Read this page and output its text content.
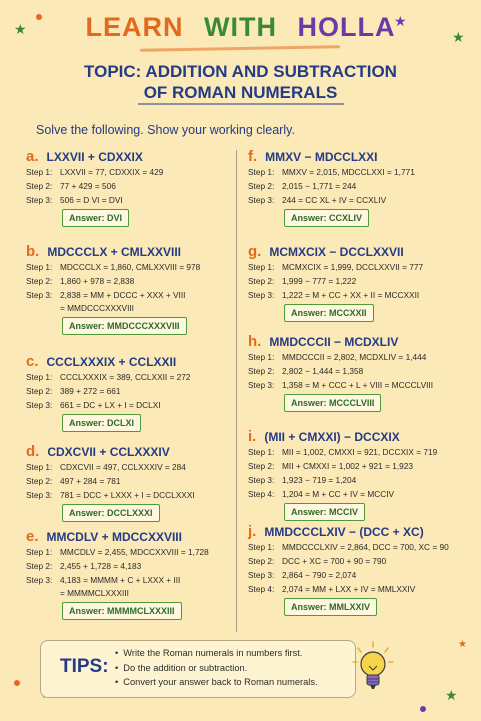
★	★
★
★
★
LEARN WITH HOLLA
TOPIC: ADDITION AND SUBTRACTION
OF ROMAN NUMERALS
Solve the following. Show your working clearly.
a. LXXVII + CDXXIX
Step 1: LXXVII = 77, CDXXIX = 429
Step 2: 77 + 429 = 506
Step 3: 506 = D VI = DVI
Answer: DVI
b. MDCCCLX + CMLXXVIII
Step 1: MDCCCLX = 1,860, CMLXXVIII = 978
Step 2: 1,860 + 978 = 2,838
Step 3: 2,838 = MM + DCCC + XXX + VIII
= MMDCCCXXXVIII
Answer: MMDCCCXXXVIII
c. CCCLXXXIX + CCLXXII
Step 1: CCCLXXXIX = 389, CCLXXII = 272
Step 2: 389 + 272 = 661
Step 3: 661 = DC + LX + I = DCLXI
Answer: DCLXI
d. CDXCVII + CCLXXXIV
Step 1: CDXCVII = 497, CCLXXXIV = 284
Step 2: 497 + 284 = 781
Step 3: 781 = DCC + LXXX + I = DCCLXXXI
Answer: DCCLXXXI
e. MMCDLV + MDCCXXVIII
Step 1: MMCDLV = 2,455, MDCCXXVIII = 1,728
Step 2: 2,455 + 1,728 = 4,183
Step 3: 4,183 = MMMM + C + LXXX + III
= MMMMCLXXXIII
Answer: MMMMCLXXXIII
f. MMXV − MDCCLXXI
Step 1: MMXV = 2,015, MDCCLXXI = 1,771
Step 2: 2,015 − 1,771 = 244
Step 3: 244 = CC XL + IV = CCXLIV
Answer: CCXLIV
g. MCMXCIX − DCCLXXVII
Step 1: MCMXCIX = 1,999, DCCLXXVII = 777
Step 2: 1,999 − 777 = 1,222
Step 3: 1,222 = M + CC + XX + II = MCCXXII
Answer: MCCXXII
h. MMDCCCII − MCDXLIV
Step 1: MMDCCCII = 2,802, MCDXLIV = 1,444
Step 2: 2,802 − 1,444 = 1,358
Step 3: 1,358 = M + CCC + L + VIII = MCCCLVIII
Answer: MCCCLVIII
i. (MII + CMXXI) − DCCXIX
Step 1: MII = 1,002, CMXXI = 921, DCCXIX = 719
Step 2: MII + CMXXI = 1,002 + 921 = 1,923
Step 3: 1,923 − 719 = 1,204
Step 4: 1,204 = M + CC + IV = MCCIV
Answer: MCCIV
j. MMDCCCLXIV − (DCC + XC)
Step 1: MMDCCCLXIV = 2,864, DCC = 700, XC = 90
Step 2: DCC + XC = 700 + 90 = 790
Step 3: 2,864 − 790 = 2,074
Step 4: 2,074 = MM + LXX + IV = MMLXXIV
Answer: MMLXXIV
TIPS:
• Write the Roman numerals in numbers first.
• Do the addition or subtraction.
• Convert your answer back to Roman numerals.
